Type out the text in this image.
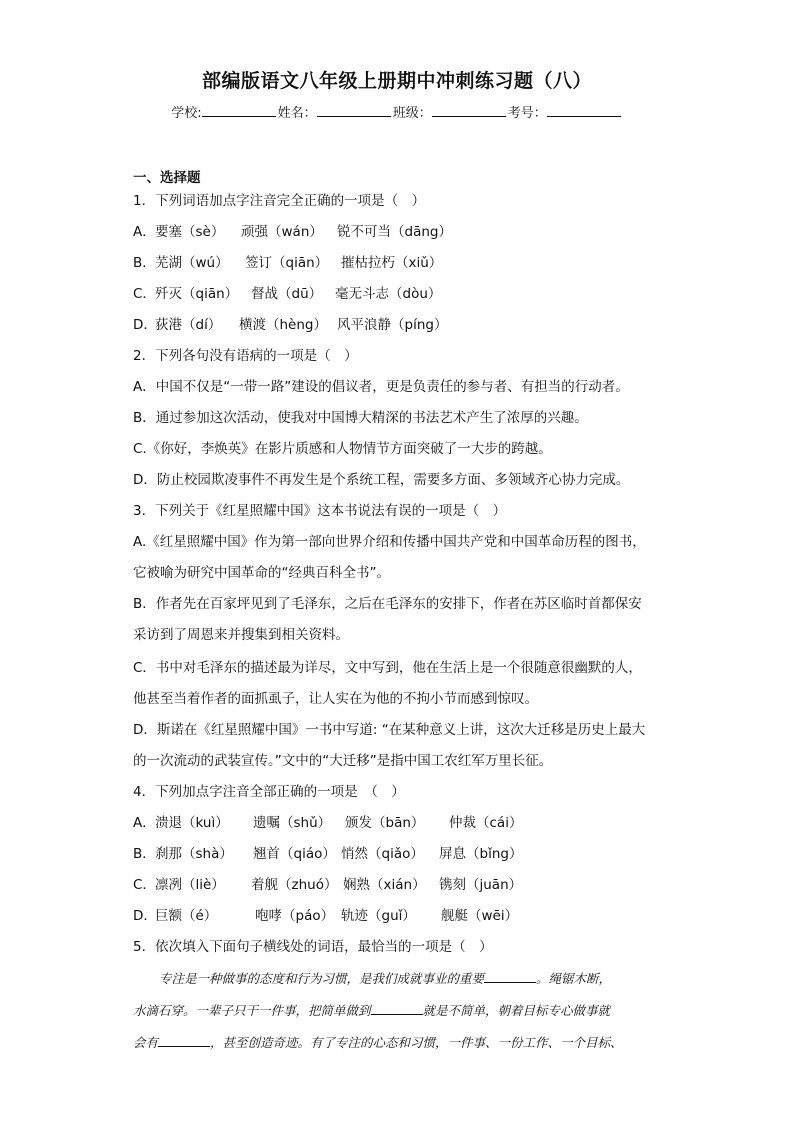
部编版语文八年级上册期中冲刺练习题（八）
学校:	姓名：	班级：	考号：
一、选择题
1．下列词语加点字注音完全正确的一项是（　）
A．要塞（sè） 顽强（wán） 锐不可当（dāng）
B．芜湖（wú） 签订（qiān） 摧枯拉朽（xiǔ）
C．歼灭（qiān） 督战（dū） 毫无斗志（dòu）
D．荻港（dí） 横渡（hèng） 风平浪静（píng）
2．下列各句没有语病的一项是（　）
A．中国不仅是“一带一路”建设的倡议者，更是负责任的参与者、有担当的行动者。
B．通过参加这次活动，使我对中国博大精深的书法艺术产生了浓厚的兴趣。
C.《你好，李焕英》在影片质感和人物情节方面突破了一大步的跨越。
D．防止校园欺凌事件不再发生是个系统工程，需要多方面、多领域齐心协力完成。
3．下列关于《红星照耀中国》这本书说法有误的一项是（　）
A.《红星照耀中国》作为第一部向世界介绍和传播中国共产党和中国革命历程的图书，
它被喻为研究中国革命的“经典百科全书”。
B．作者先在百家坪见到了毛泽东，之后在毛泽东的安排下，作者在苏区临时首都保安
采访到了周恩来并搜集到相关资料。
C．书中对毛泽东的描述最为详尽，文中写到，他在生活上是一个很随意很幽默的人，
他甚至当着作者的面抓虱子，让人实在为他的不拘小节而感到惊叹。
D．斯诺在《红星照耀中国》一书中写道: “在某种意义上讲，这次大迁移是历史上最大
的一次流动的武装宣传。”文中的“大迁移”是指中国工农红军万里长征。
4．下列加点字注音全部正确的一项是　（　）
A．溃退（kuì） 遗嘱（shǔ） 颁发（bān） 仲裁（cái）
B．刹那（shà） 翘首（qiáo） 悄然（qiǎo） 屏息（bǐng）
C．凛冽（liè） 着舰（zhuó） 娴熟（xián） 镌刻（juān）
D．巨额（é）	咆哮（páo） 轨迹（guǐ） 舰艇（wēi）
5．依次填入下面句子横线处的词语，最恰当的一项是（　）
专注是一种做事的态度和行为习惯，是我们成就事业的重要	。绳锯木断，
水滴石穿。一辈子只干一件事，把简单做到	就是不简单，朝着目标专心做事就
会有	，甚至创造奇迹。有了专注的心态和习惯，一件事、一份工作、一个目标、
